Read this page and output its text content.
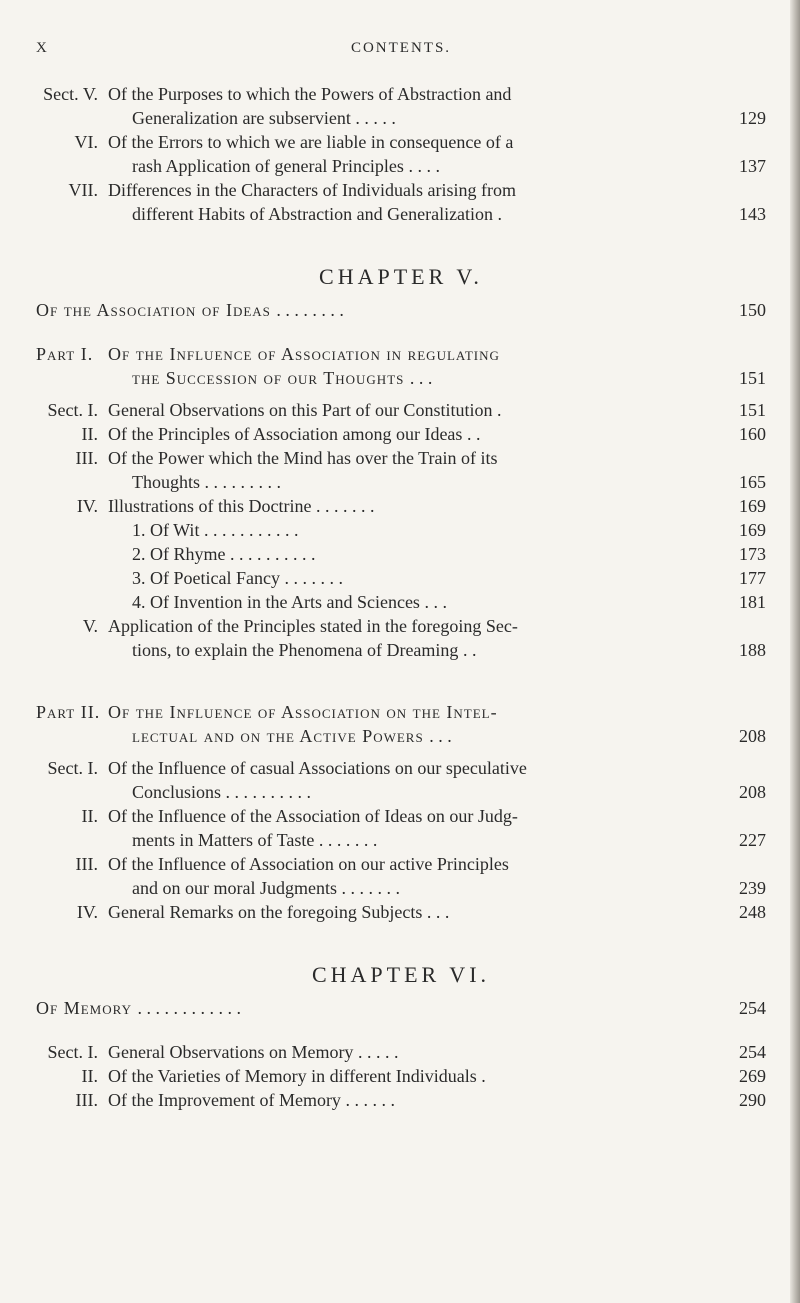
X	CONTENTS.
Sect. V. Of the Purposes to which the Powers of Abstraction and
Generalization are subservient . . . . .	129
VI. Of the Errors to which we are liable in consequence of a
rash Application of general Principles . . . .	137
VII. Differences in the Characters of Individuals arising from
different Habits of Abstraction and Generalization .	143
CHAPTER V.
Of the Association of Ideas . . . . . . . .	150
Part I. Of the Influence of Association in regulating
the Succession of our Thoughts . . .	151
Sect. I. General Observations on this Part of our Constitution .	151
II. Of the Principles of Association among our Ideas . .	160
III. Of the Power which the Mind has over the Train of its
Thoughts . . . . . . . . .	165
IV. Illustrations of this Doctrine . . . . . . .	169
1. Of Wit . . . . . . . . . . .	169
2. Of Rhyme . . . . . . . . . .	173
3. Of Poetical Fancy . . . . . . .	177
4. Of Invention in the Arts and Sciences . . .	181
V. Application of the Principles stated in the foregoing Sec-
tions, to explain the Phenomena of Dreaming . .	188
Part II. Of the Influence of Association on the Intel-
lectual and on the Active Powers . . .	208
Sect. I. Of the Influence of casual Associations on our speculative
Conclusions . . . . . . . . . .	208
II. Of the Influence of the Association of Ideas on our Judg-
ments in Matters of Taste . . . . . . .	227
III. Of the Influence of Association on our active Principles
and on our moral Judgments . . . . . . .	239
IV. General Remarks on the foregoing Subjects . . .	248
CHAPTER VI.
Of Memory . . . . . . . . . . . .	254
Sect. I. General Observations on Memory . . . . .	254
II. Of the Varieties of Memory in different Individuals .	269
III. Of the Improvement of Memory . . . . . .	290
